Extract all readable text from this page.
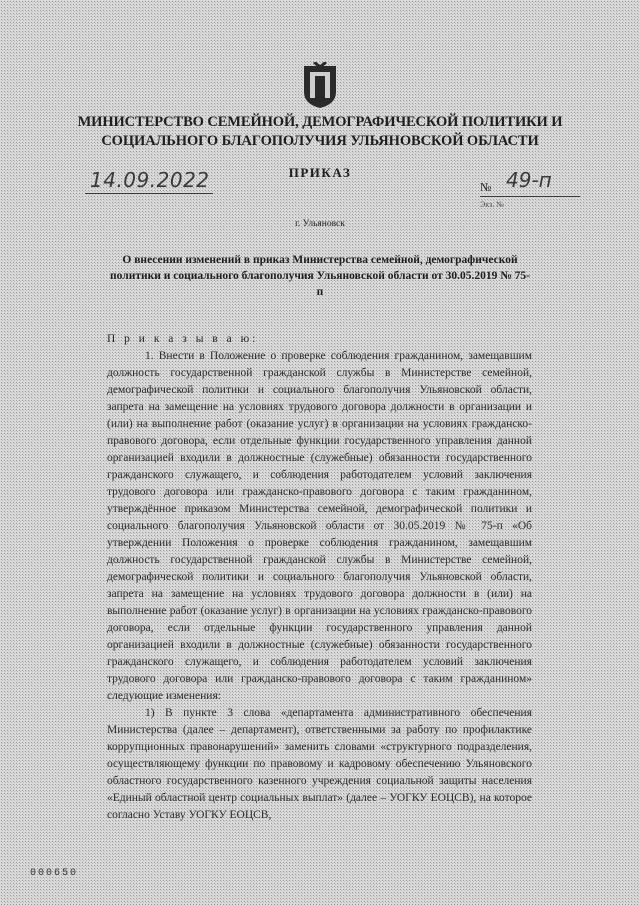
МИНИСТЕРСТВО СЕМЕЙНОЙ, ДЕМОГРАФИЧЕСКОЙ ПОЛИТИКИ И СОЦИАЛЬНОГО БЛАГОПОЛУЧИЯ УЛЬЯНОВСКОЙ ОБЛАСТИ
ПРИКАЗ
14.09.2022	№ 49-п
Экз. №
г. Ульяновск
О внесении изменений в приказ Министерства семейной, демографической политики и социального благополучия Ульяновской области от 30.05.2019 № 75-п

П р и к а з ы в а ю:

1. Внести в Положение о проверке соблюдения гражданином, замещавшим должность государственной гражданской службы в Министерстве семейной, демографической политики и социального благополучия Ульяновской области, запрета на замещение на условиях трудового договора должности в организации и (или) на выполнение работ (оказание услуг) в организации на условиях гражданско-правового договора, если отдельные функции государственного управления данной организацией входили в должностные (служебные) обязанности государственного гражданского служащего, и соблюдения работодателем условий заключения трудового договора или гражданско-правового договора с таким гражданином, утверждённое приказом Министерства семейной, демографической политики и социального благополучия Ульяновской области от 30.05.2019 № 75-п «Об утверждении Положения о проверке соблюдения гражданином, замещавшим должность государственной гражданской службы в Министерстве семейной, демографической политики и социального благополучия Ульяновской области, запрета на замещение на условиях трудового договора должности в (или) на выполнение работ (оказание услуг) в организации на условиях гражданско-правового договора, если отдельные функции государственного управления данной организацией входили в должностные (служебные) обязанности государственного гражданского служащего, и соблюдения работодателем условий заключения трудового договора или гражданско-правового договора с таким гражданином» следующие изменения:

1) В пункте 3 слова «департамента административного обеспечения Министерства (далее – департамент), ответственными за работу по профилактике коррупционных правонарушений» заменить словами «структурного подразделения, осуществляющему функции по правовому и кадровому обеспечению Ульяновского областного государственного казенного учреждения социальной защиты населения «Единый областной центр социальных выплат» (далее – УОГКУ ЕОЦСВ), на которое согласно Уставу УОГКУ ЕОЦСВ,

000650
